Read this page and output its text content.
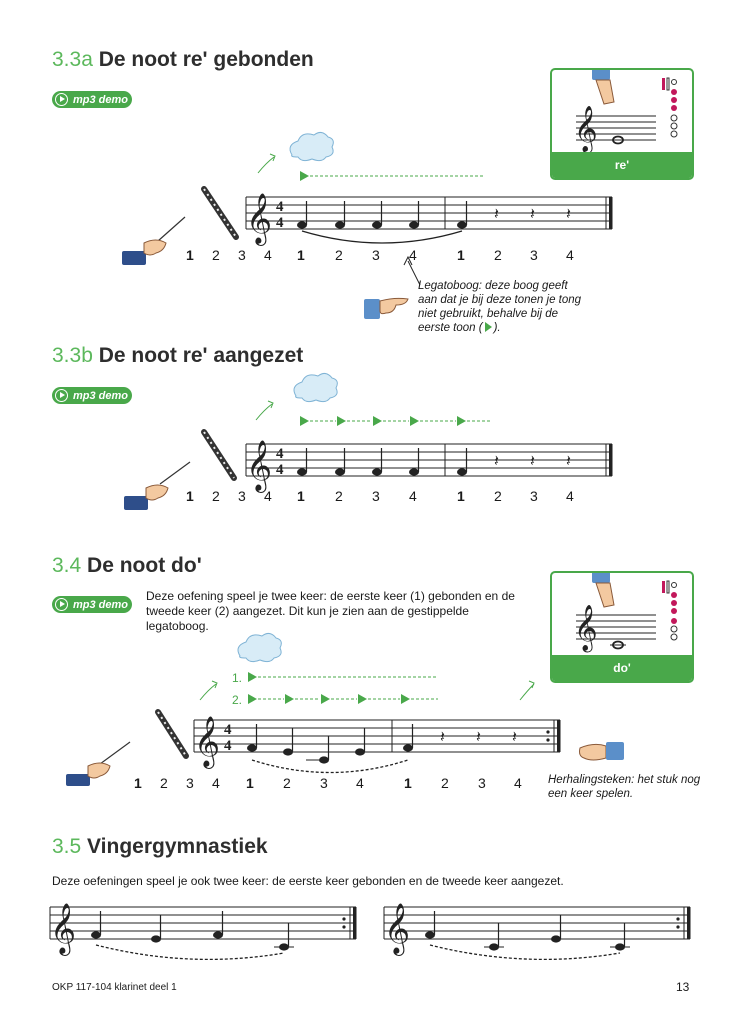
3.3a De noot re' gebonden
mp3 demo
𝄞
re'
𝄞 4
4	𝄽 𝄽 𝄽
1 2 3 4 1 2 3 4	1 2 3 4
Legatoboog: deze boog geeft aan dat je bij deze tonen je tong niet gebruikt, behalve bij de eerste toon ( ).
3.3b De noot re' aangezet
mp3 demo
𝄞 4
4	𝄽 𝄽 𝄽
1 2 3 4 1 2 3 4	1 2 3 4
3.4 De noot do'
mp3 demo
Deze oefening speel je twee keer: de eerste keer (1) gebonden en de tweede keer (2) aangezet. Dit kun je zien aan de gestippelde legatoboog.	𝄞
do'
1.
2.
𝄞 4
4	𝄽 𝄽 𝄽
1 2 3 4 1 2 3 4	1 2 3 4 Herhalingsteken: het stuk nog een keer spelen.
3.5 Vingergymnastiek
Deze oefeningen speel je ook twee keer: de eerste keer gebonden en de tweede keer aangezet.
𝄞	𝄞
OKP 117-104 klarinet deel 1	13
